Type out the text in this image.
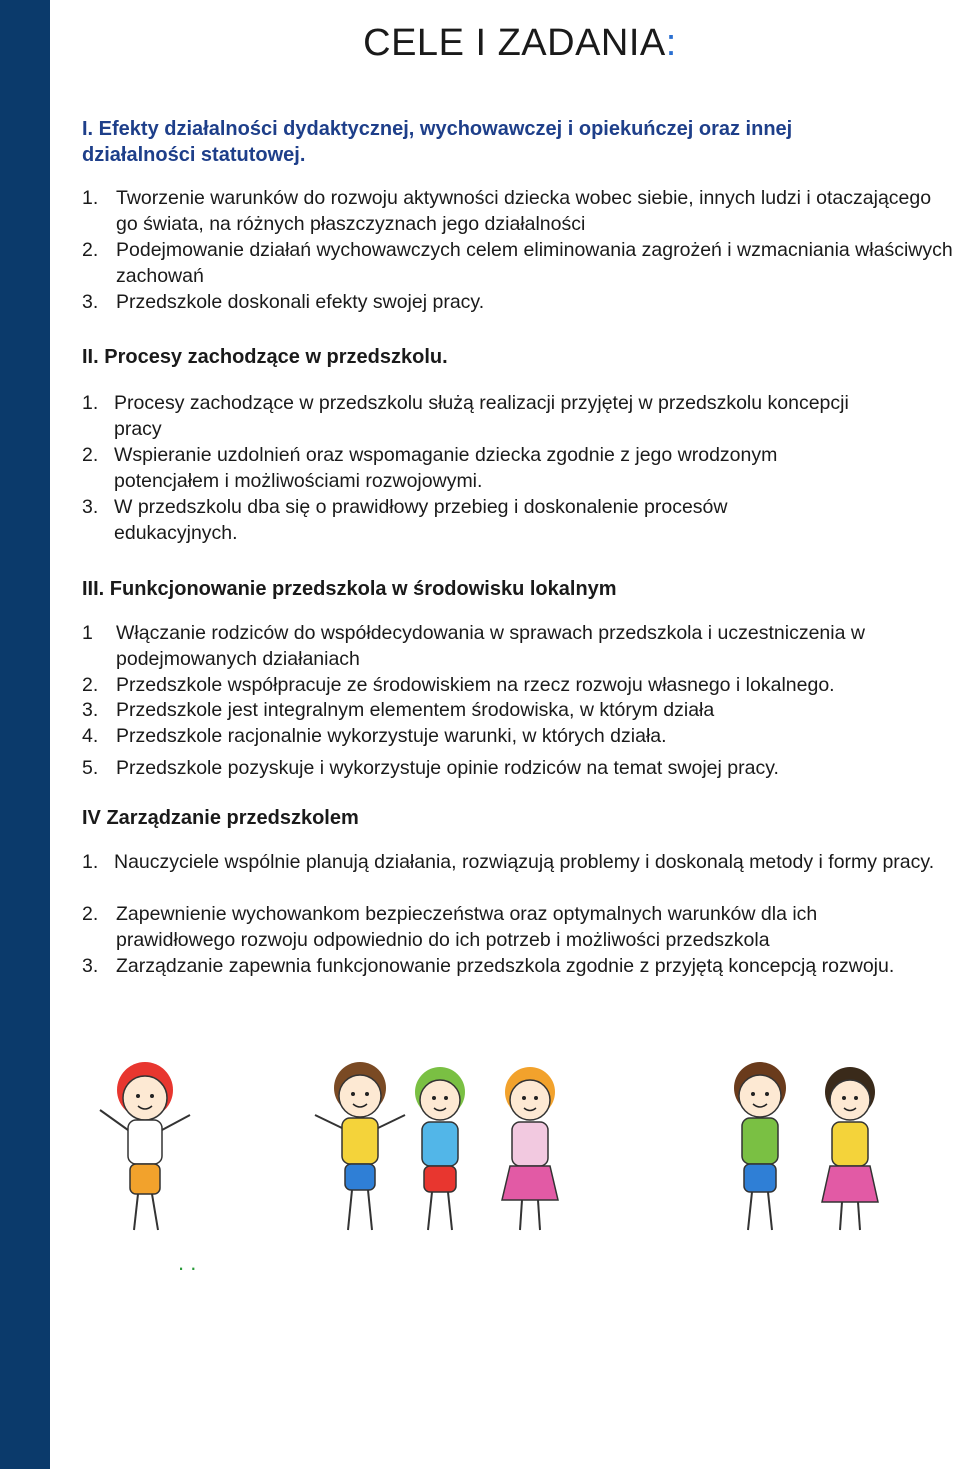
CELE I ZADANIA:
I. Efekty działalności dydaktycznej, wychowawczej i opiekuńczej oraz innej działalności statutowej.
1. Tworzenie warunków do rozwoju aktywności dziecka wobec siebie, innych ludzi i otaczającego go świata, na różnych płaszczyznach jego działalności
2. Podejmowanie działań wychowawczych celem eliminowania zagrożeń i wzmacniania właściwych zachowań
3. Przedszkole doskonali efekty swojej pracy.
II. Procesy zachodzące w przedszkolu.
1. Procesy zachodzące w przedszkolu służą realizacji przyjętej w przedszkolu koncepcji pracy
2. Wspieranie uzdolnień oraz wspomaganie dziecka zgodnie z jego wrodzonym potencjałem i możliwościami rozwojowymi.
3. W przedszkolu dba się o prawidłowy przebieg i doskonalenie procesów edukacyjnych.
III. Funkcjonowanie przedszkola w środowisku lokalnym
1 Włączanie rodziców do współdecydowania w sprawach przedszkola i uczestniczenia w podejmowanych działaniach
2. Przedszkole współpracuje ze środowiskiem na rzecz rozwoju własnego i lokalnego.
3. Przedszkole jest integralnym elementem środowiska, w którym działa
4. Przedszkole racjonalnie wykorzystuje warunki, w których działa.
5. Przedszkole pozyskuje i wykorzystuje opinie rodziców na temat swojej pracy.
IV Zarządzanie przedszkolem
1. Nauczyciele wspólnie planują działania, rozwiązują problemy i doskonalą metody i formy pracy.
2. Zapewnienie wychowankom bezpieczeństwa oraz optymalnych warunków dla ich prawidłowego rozwoju odpowiednio do ich potrzeb i możliwości przedszkola
3. Zarządzanie zapewnia funkcjonowanie przedszkola zgodnie z przyjętą koncepcją rozwoju.
. .
